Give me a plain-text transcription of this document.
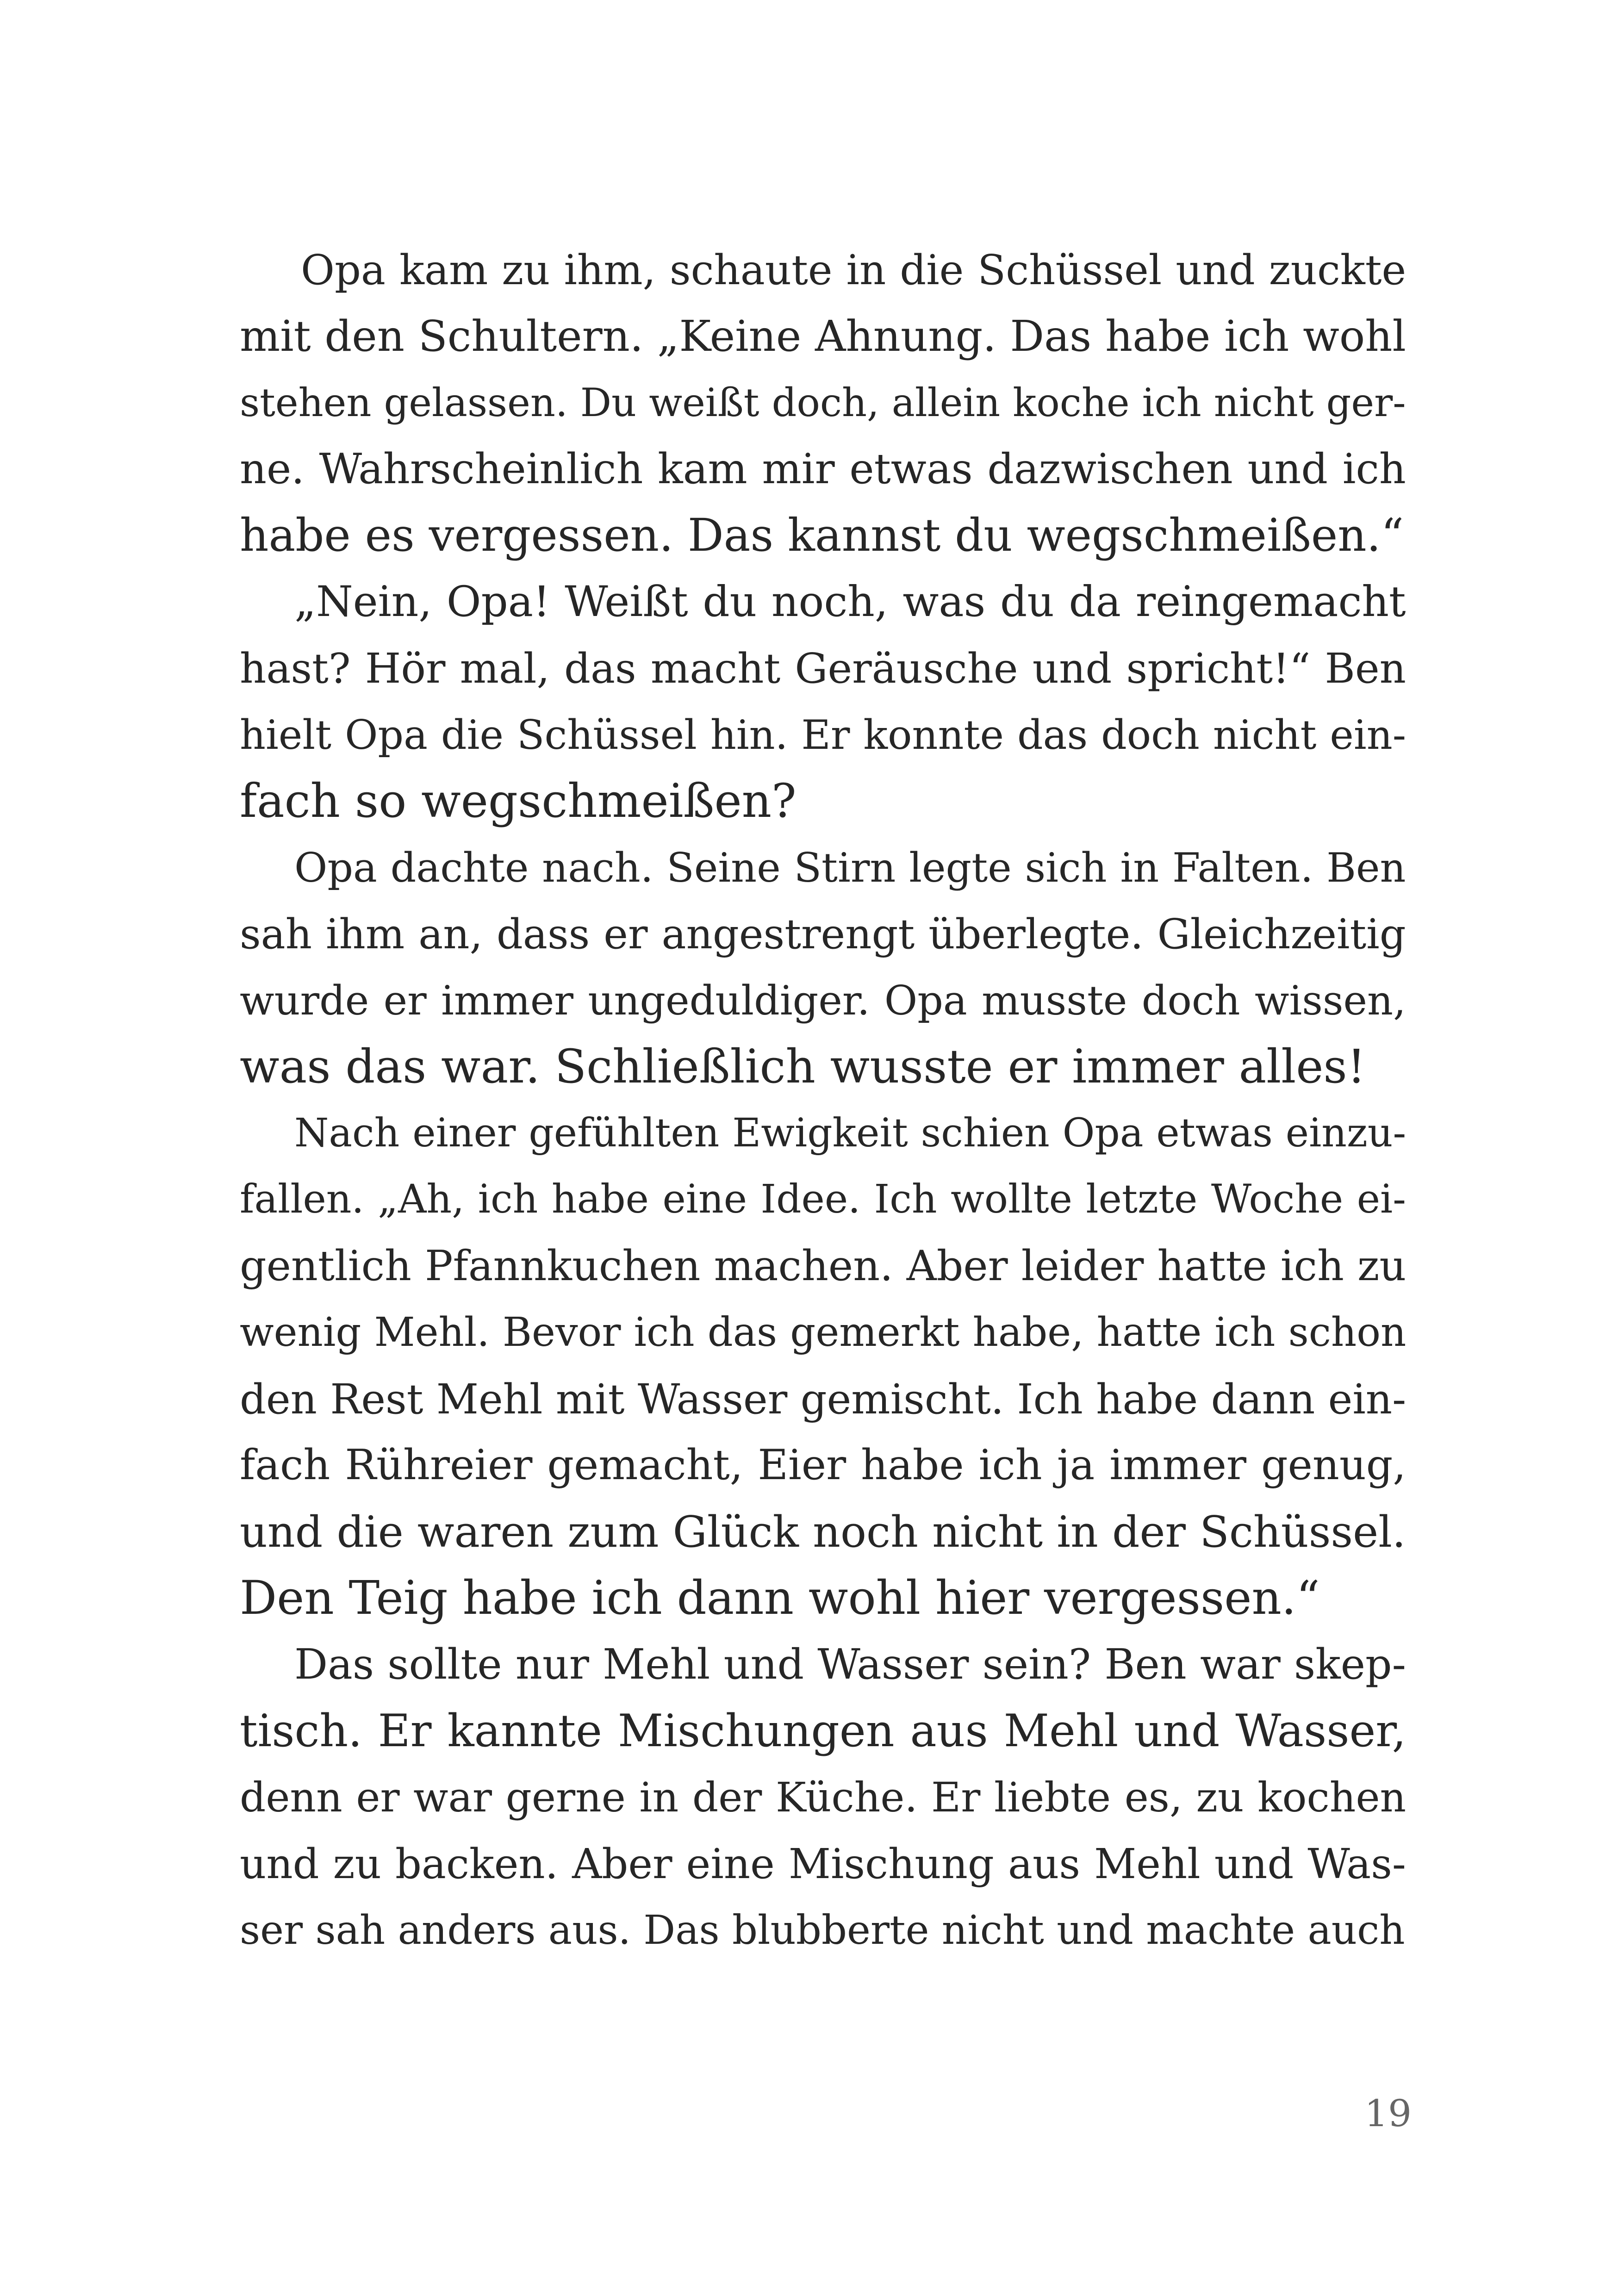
Opa kam zu ihm, schaute in die Schüssel und zuckte
mit den Schultern. „Keine Ahnung. Das habe ich wohl
stehen gelassen. Du weißt doch, allein koche ich nicht ger-
ne. Wahrscheinlich kam mir etwas dazwischen und ich
habe es vergessen. Das kannst du wegschmeißen.“
„Nein, Opa! Weißt du noch, was du da reingemacht
hast? Hör mal, das macht Geräusche und spricht!“ Ben
hielt Opa die Schüssel hin. Er konnte das doch nicht ein-
fach so wegschmeißen?
Opa dachte nach. Seine Stirn legte sich in Falten. Ben
sah ihm an, dass er angestrengt überlegte. Gleichzeitig
wurde er immer ungeduldiger. Opa musste doch wissen,
was das war. Schließlich wusste er immer alles!
Nach einer gefühlten Ewigkeit schien Opa etwas einzu-
fallen. „Ah, ich habe eine Idee. Ich wollte letzte Woche ei-
gentlich Pfannkuchen machen. Aber leider hatte ich zu
wenig Mehl. Bevor ich das gemerkt habe, hatte ich schon
den Rest Mehl mit Wasser gemischt. Ich habe dann ein-
fach Rühreier gemacht, Eier habe ich ja immer genug,
und die waren zum Glück noch nicht in der Schüssel.
Den Teig habe ich dann wohl hier vergessen.“
Das sollte nur Mehl und Wasser sein? Ben war skep-
tisch. Er kannte Mischungen aus Mehl und Wasser,
denn er war gerne in der Küche. Er liebte es, zu kochen
und zu backen. Aber eine Mischung aus Mehl und Was-
ser sah anders aus. Das blubberte nicht und machte auch
19
